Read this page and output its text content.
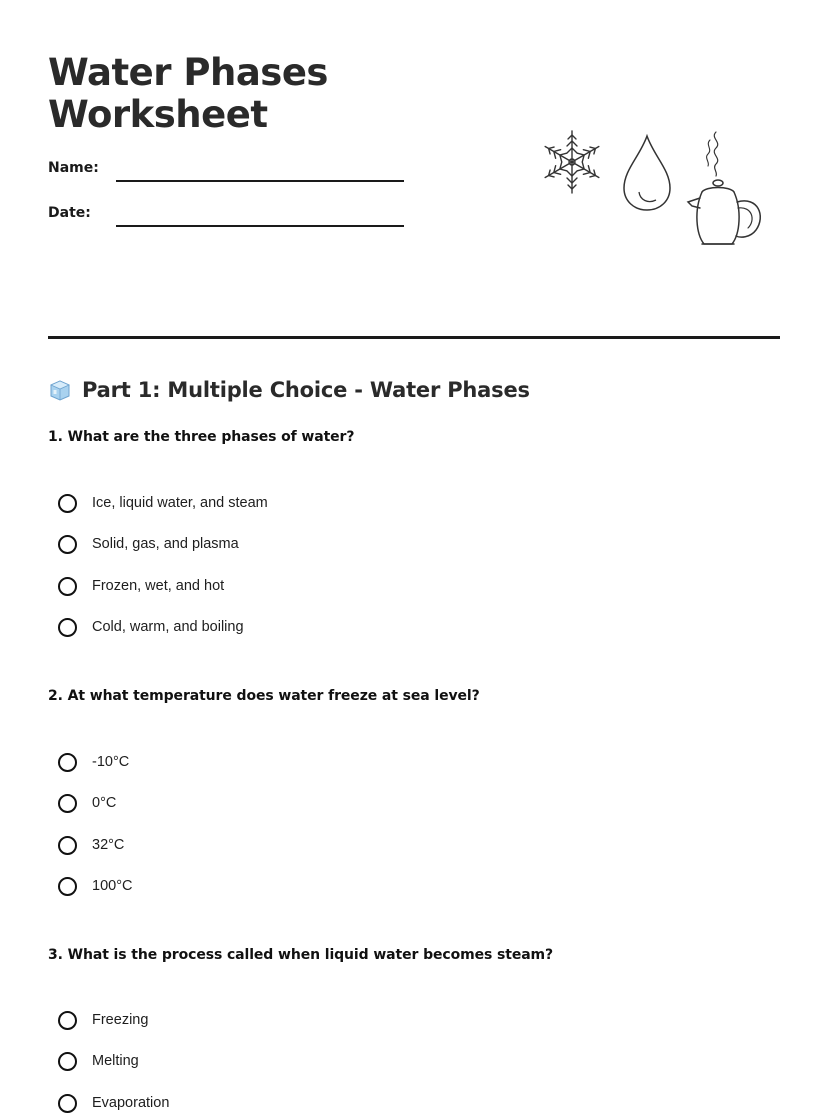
Water Phases
Worksheet
Name:
Date:
Part 1: Multiple Choice - Water Phases
1. What are the three phases of water?
Ice, liquid water, and steam
Solid, gas, and plasma
Frozen, wet, and hot
Cold, warm, and boiling
2. At what temperature does water freeze at sea level?
-10°C
0°C
32°C
100°C
3. What is the process called when liquid water becomes steam?
Freezing
Melting
Evaporation
